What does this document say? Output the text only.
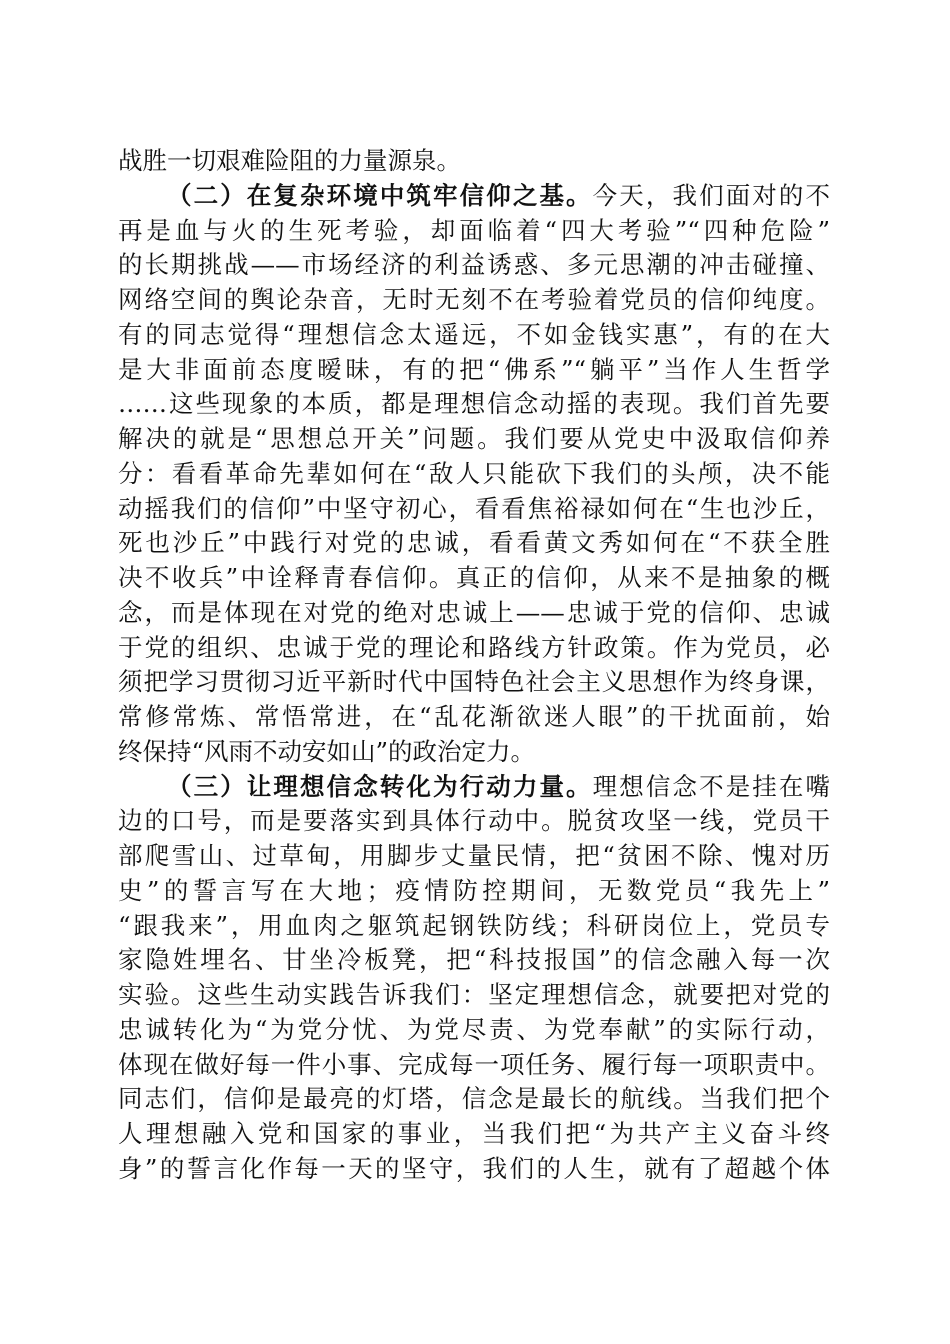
战胜一切艰难险阻的力量源泉。
（二）在复杂环境中筑牢信仰之基。今天，我们面对的不
再是血与火的生死考验，却面临着“四大考验”“四种危险”
的长期挑战——市场经济的利益诱惑、多元思潮的冲击碰撞、
网络空间的舆论杂音，无时无刻不在考验着党员的信仰纯度。
有的同志觉得“理想信念太遥远，不如金钱实惠”，有的在大
是大非面前态度暧昧，有的把“佛系”“躺平”当作人生哲学
……这些现象的本质，都是理想信念动摇的表现。我们首先要
解决的就是“思想总开关”问题。我们要从党史中汲取信仰养
分：看看革命先辈如何在“敌人只能砍下我们的头颅，决不能
动摇我们的信仰”中坚守初心，看看焦裕禄如何在“生也沙丘，
死也沙丘”中践行对党的忠诚，看看黄文秀如何在“不获全胜
决不收兵”中诠释青春信仰。真正的信仰，从来不是抽象的概
念，而是体现在对党的绝对忠诚上——忠诚于党的信仰、忠诚
于党的组织、忠诚于党的理论和路线方针政策。作为党员，必
须把学习贯彻习近平新时代中国特色社会主义思想作为终身课，
常修常炼、常悟常进，在“乱花渐欲迷人眼”的干扰面前，始
终保持“风雨不动安如山”的政治定力。
（三）让理想信念转化为行动力量。理想信念不是挂在嘴
边的口号，而是要落实到具体行动中。脱贫攻坚一线，党员干
部爬雪山、过草甸，用脚步丈量民情，把“贫困不除、愧对历
史”的誓言写在大地；疫情防控期间，无数党员“我先上”
“跟我来”，用血肉之躯筑起钢铁防线；科研岗位上，党员专
家隐姓埋名、甘坐冷板凳，把“科技报国”的信念融入每一次
实验。这些生动实践告诉我们：坚定理想信念，就要把对党的
忠诚转化为“为党分忧、为党尽责、为党奉献”的实际行动，
体现在做好每一件小事、完成每一项任务、履行每一项职责中。
同志们，信仰是最亮的灯塔，信念是最长的航线。当我们把个
人理想融入党和国家的事业，当我们把“为共产主义奋斗终
身”的誓言化作每一天的坚守，我们的人生，就有了超越个体
